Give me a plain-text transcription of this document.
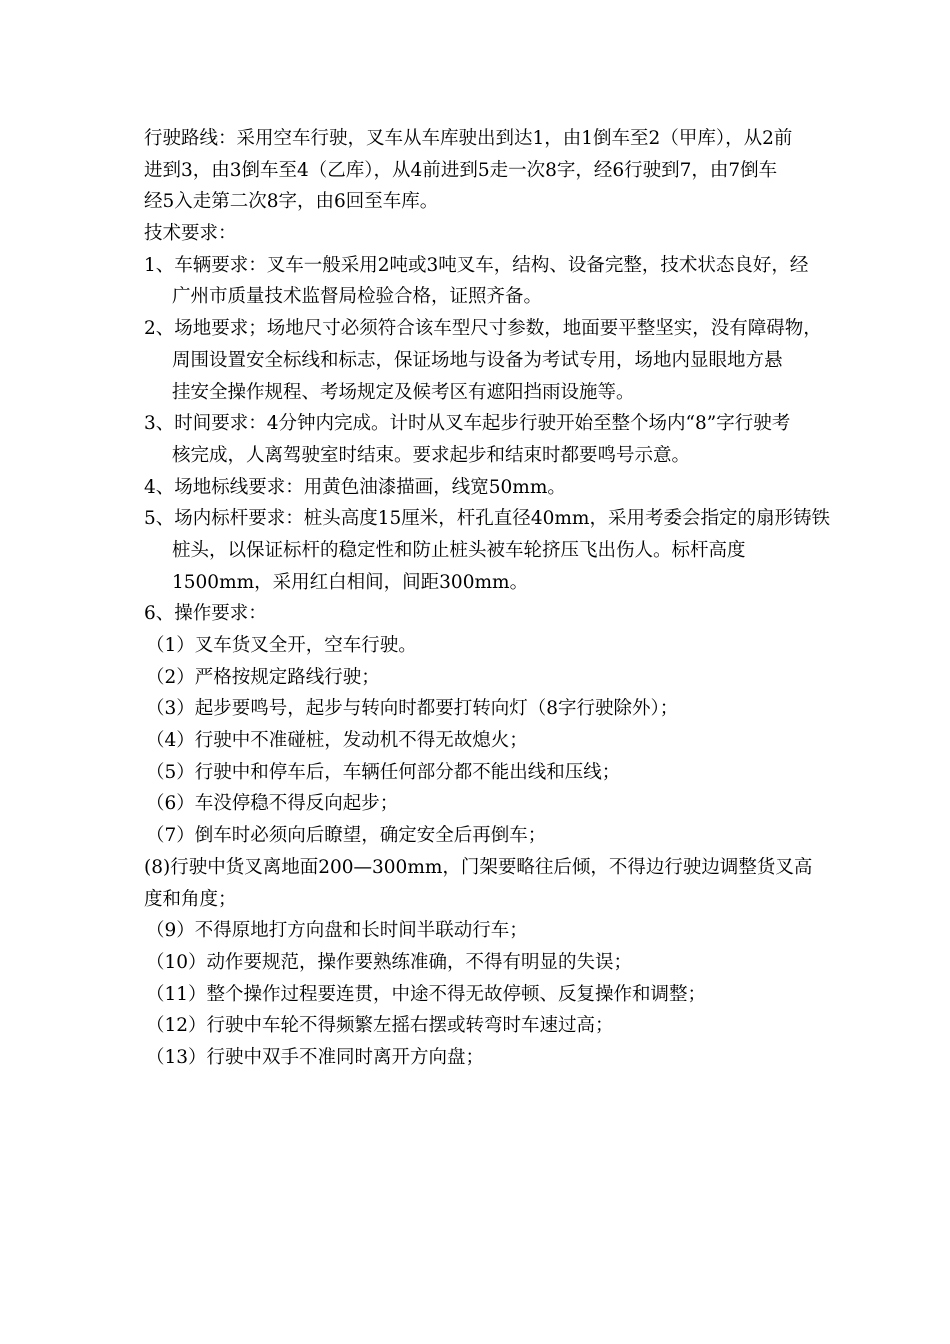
行驶路线：采用空车行驶，叉车从车库驶出到达1，由1倒车至2（甲库），从2前
进到3，由3倒车至4（乙库），从4前进到5走一次8字，经6行驶到7，由7倒车
经5入走第二次8字，由6回至车库。
技术要求：
1、车辆要求：叉车一般采用2吨或3吨叉车，结构、设备完整，技术状态良好，经
广州市质量技术监督局检验合格，证照齐备。
2、场地要求；场地尺寸必须符合该车型尺寸参数，地面要平整坚实，没有障碍物，
周围设置安全标线和标志，保证场地与设备为考试专用，场地内显眼地方悬
挂安全操作规程、考场规定及候考区有遮阳挡雨设施等。
3、时间要求：4分钟内完成。计时从叉车起步行驶开始至整个场内“8”字行驶考
核完成，人离驾驶室时结束。要求起步和结束时都要鸣号示意。
4、场地标线要求：用黄色油漆描画，线宽50mm。
5、场内标杆要求：桩头高度15厘米，杆孔直径40mm，采用考委会指定的扇形铸铁
桩头，以保证标杆的稳定性和防止桩头被车轮挤压飞出伤人。标杆高度
1500mm，采用红白相间，间距300mm。
6、操作要求：
（1）叉车货叉全开，空车行驶。
（2）严格按规定路线行驶；
（3）起步要鸣号，起步与转向时都要打转向灯（8字行驶除外）；
（4）行驶中不准碰桩，发动机不得无故熄火；
（5）行驶中和停车后，车辆任何部分都不能出线和压线；
（6）车没停稳不得反向起步；
（7）倒车时必须向后瞭望，确定安全后再倒车；
(8)行驶中货叉离地面200—300mm，门架要略往后倾，不得边行驶边调整货叉高
度和角度；
（9）不得原地打方向盘和长时间半联动行车；
（10）动作要规范，操作要熟练准确，不得有明显的失误；
（11）整个操作过程要连贯，中途不得无故停顿、反复操作和调整；
（12）行驶中车轮不得频繁左摇右摆或转弯时车速过高；
（13）行驶中双手不准同时离开方向盘；
